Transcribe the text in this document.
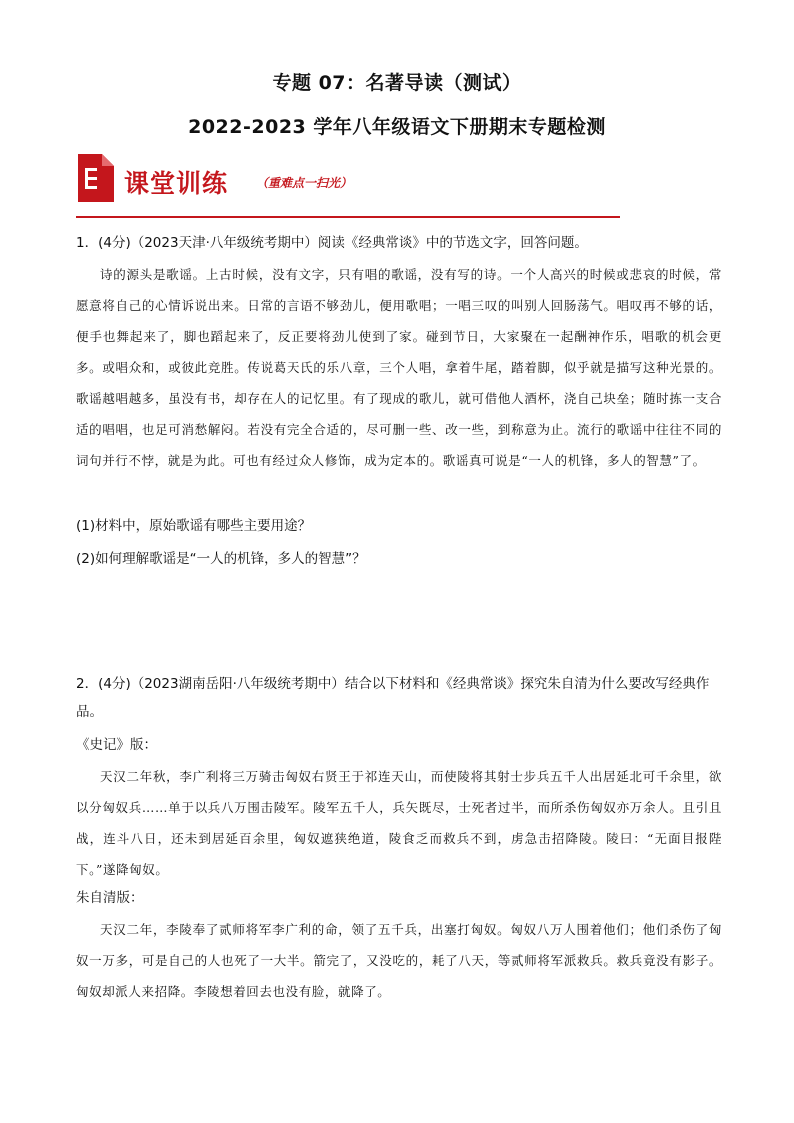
专题 07：名著导读（测试）
2022-2023 学年八年级语文下册期末专题检测
课堂训练 （重难点一扫光）
1．(4分)（2023天津·八年级统考期中）阅读《经典常谈》中的节选文字，回答问题。
诗的源头是歌谣。上古时候，没有文字，只有唱的歌谣，没有写的诗。一个人高兴的时候或悲哀的时候，常愿意将自己的心情诉说出来。日常的言语不够劲儿，便用歌唱；一唱三叹的叫别人回肠荡气。唱叹再不够的话，便手也舞起来了，脚也蹈起来了，反正要将劲儿使到了家。碰到节日，大家聚在一起酬神作乐，唱歌的机会更多。或唱众和，或彼此竞胜。传说葛天氏的乐八章，三个人唱，拿着牛尾，踏着脚，似乎就是描写这种光景的。歌谣越唱越多，虽没有书，却存在人的记忆里。有了现成的歌儿，就可借他人酒杯，浇自己块垒；随时拣一支合适的唱唱，也足可消愁解闷。若没有完全合适的，尽可删一些、改一些，到称意为止。流行的歌谣中往往不同的词句并行不悖，就是为此。可也有经过众人修饰，成为定本的。歌谣真可说是“一人的机锋，多人的智慧”了。
(1)材料中，原始歌谣有哪些主要用途？
(2)如何理解歌谣是“一人的机锋，多人的智慧”？
2．(4分)（2023湖南岳阳·八年级统考期中）结合以下材料和《经典常谈》探究朱自清为什么要改写经典作品。
《史记》版：
天汉二年秋，李广利将三万骑击匈奴右贤王于祁连天山，而使陵将其射士步兵五千人出居延北可千余里，欲以分匈奴兵……单于以兵八万围击陵军。陵军五千人，兵矢既尽，士死者过半，而所杀伤匈奴亦万余人。且引且战，连斗八日，还未到居延百余里，匈奴遮狭绝道，陵食乏而救兵不到，虏急击招降陵。陵曰：“无面目报陛下。”遂降匈奴。
朱自清版：
天汉二年，李陵奉了贰师将军李广利的命，领了五千兵，出塞打匈奴。匈奴八万人围着他们；他们杀伤了匈奴一万多，可是自己的人也死了一大半。箭完了，又没吃的，耗了八天，等贰师将军派救兵。救兵竟没有影子。匈奴却派人来招降。李陵想着回去也没有脸，就降了。
